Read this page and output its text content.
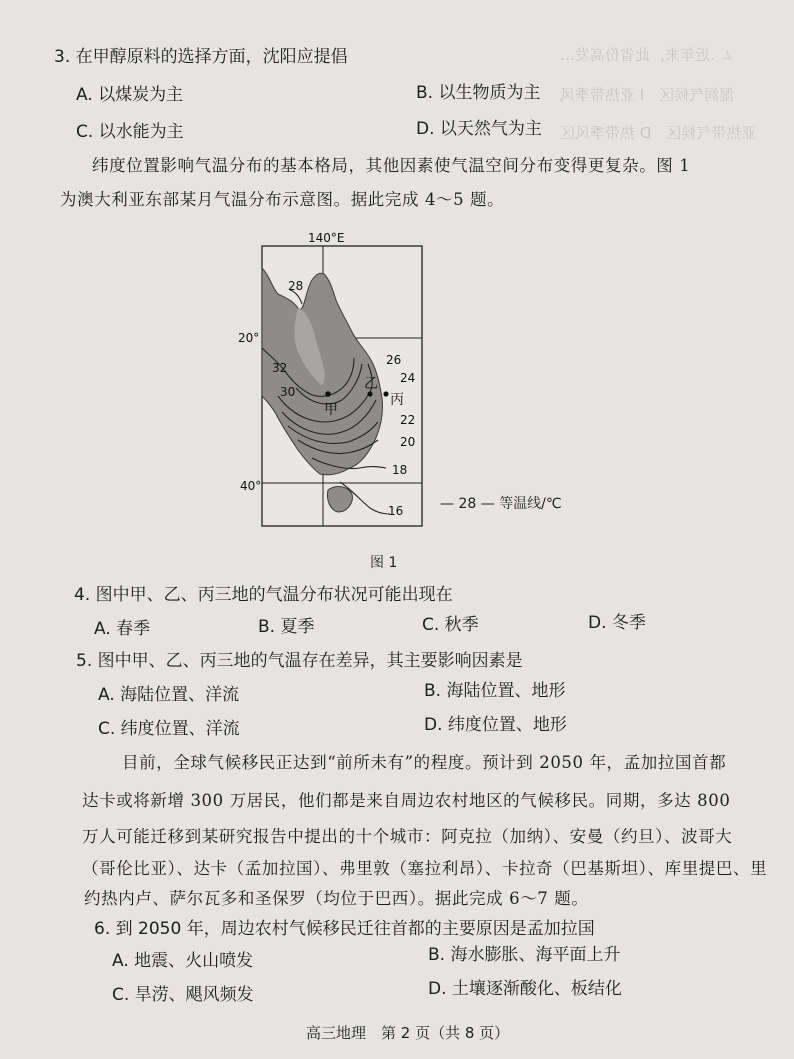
ㄥ .近年来，此省份高发…
湿润气候区　I 亚热带季风
亚热带气候区　D 热带季风区
3. 在甲醇原料的选择方面，沈阳应提倡
A. 以煤炭为主	B. 以生物质为主
C. 以水能为主	D. 以天然气为主
纬度位置影响气温分布的基本格局，其他因素使气温空间分布变得更复杂。图 1
为澳大利亚东部某月气温分布示意图。据此完成 4～5 题。
140°E
20°
40°
28
32
30
26
24
22
20
18
16
甲
乙
丙
— 28 — 等温线/℃
图 1
4. 图中甲、乙、丙三地的气温分布状况可能出现在
A. 春季	B. 夏季	C. 秋季	D. 冬季
5. 图中甲、乙、丙三地的气温存在差异，其主要影响因素是
A. 海陆位置、洋流	B. 海陆位置、地形
C. 纬度位置、洋流	D. 纬度位置、地形
目前，全球气候移民正达到“前所未有”的程度。预计到 2050 年，孟加拉国首都
达卡或将新增 300 万居民，他们都是来自周边农村地区的气候移民。同期，多达 800
万人可能迁移到某研究报告中提出的十个城市：阿克拉（加纳）、安曼（约旦）、波哥大
（哥伦比亚）、达卡（孟加拉国）、弗里敦（塞拉利昂）、卡拉奇（巴基斯坦）、库里提巴、里
约热内卢、萨尔瓦多和圣保罗（均位于巴西）。据此完成 6～7 题。
6. 到 2050 年，周边农村气候移民迁往首都的主要原因是孟加拉国
A. 地震、火山喷发	B. 海水膨胀、海平面上升
C. 旱涝、飓风频发	D. 土壤逐渐酸化、板结化
高三地理　第 2 页（共 8 页）
